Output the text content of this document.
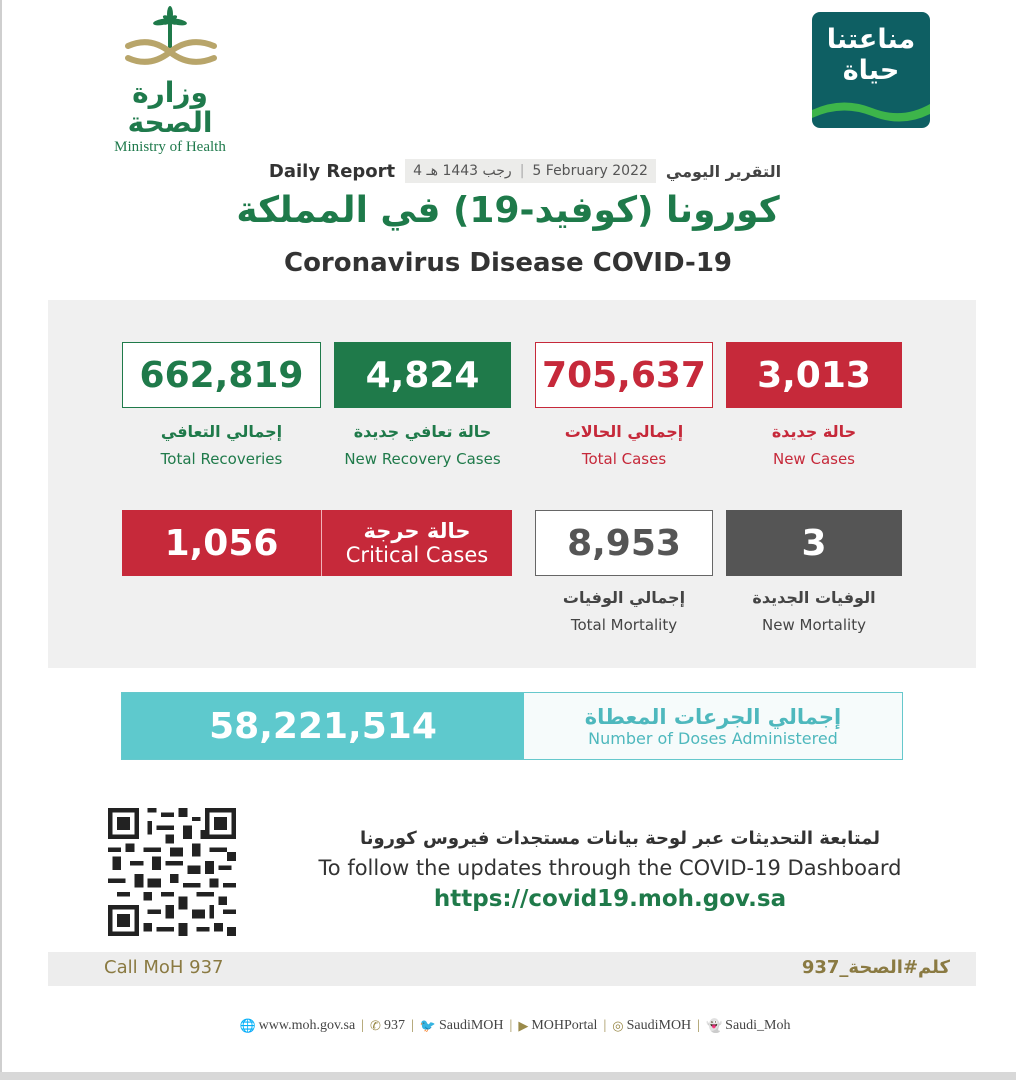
وزارة الصحة
Ministry of Health
مناعتنا
حياة
التقرير اليومي
4 رجب 1443 هـ | 5 February 2022
Daily Report
كورونا (كوفيد-19) في المملكة
Coronavirus Disease COVID-19
3,013
حالة جديدة
New Cases
705,637
إجمالي الحالات
Total Cases
4,824
حالة تعافي جديدة
New Recovery Cases
662,819
إجمالي التعافي
Total Recoveries
3
الوفيات الجديدة
New Mortality
8,953
إجمالي الوفيات
Total Mortality
1,056	حالة حرجة
Critical Cases
58,221,514	إجمالي الجرعات المعطاة
Number of Doses Administered
لمتابعة التحديثات عبر لوحة بيانات مستجدات فيروس كورونا
To follow the updates through the COVID-19 Dashboard
https://covid19.moh.gov.sa
Call MoH 937	كلم#الصحة_937
🌐 www.moh.gov.sa | ✆ 937 | 🐦 SaudiMOH | ▶ MOHPortal | ◎ SaudiMOH | 👻 Saudi_Moh
